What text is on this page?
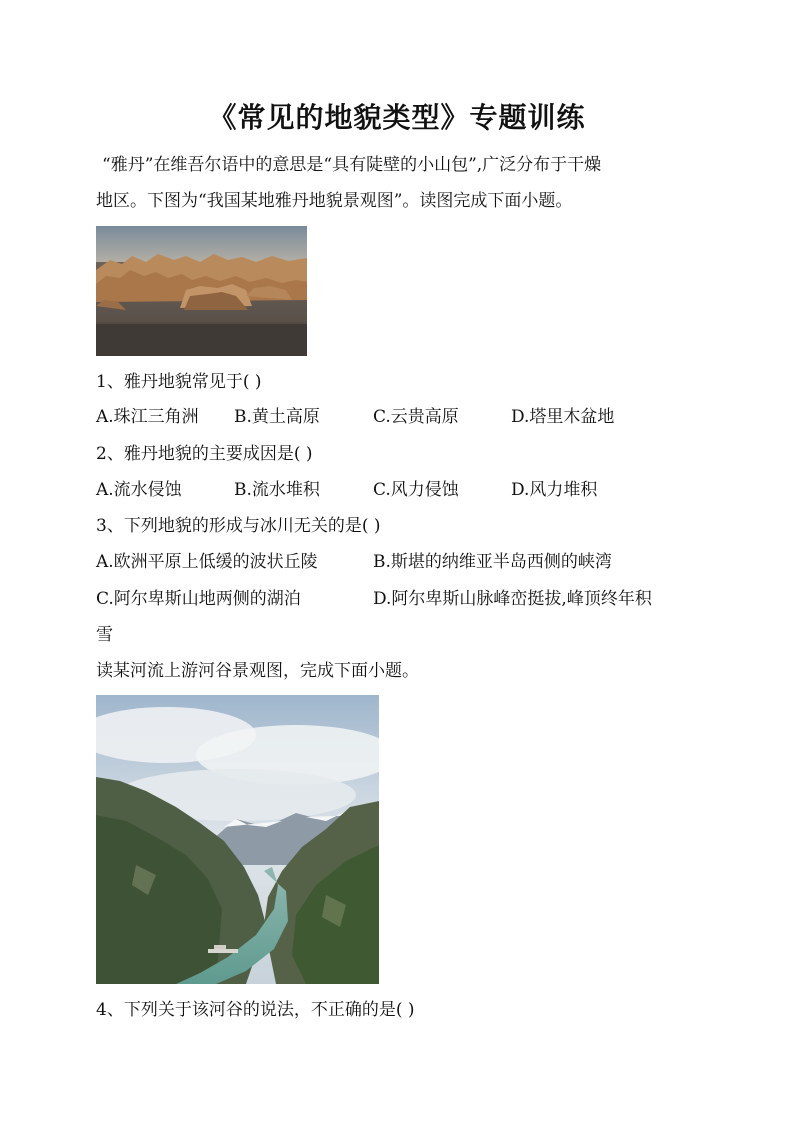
《常见的地貌类型》专题训练
“雅丹”在维吾尔语中的意思是“具有陡壁的小山包”,广泛分布于干燥
地区。下图为“我国某地雅丹地貌景观图”。读图完成下面小题。
1、雅丹地貌常见于( )
A.珠江三角洲 B.黄土高原	C.云贵高原	D.塔里木盆地
2、雅丹地貌的主要成因是( )
A.流水侵蚀	B.流水堆积	C.风力侵蚀	D.风力堆积
3、下列地貌的形成与冰川无关的是( )
A.欧洲平原上低缓的波状丘陵	B.斯堪的纳维亚半岛西侧的峡湾
C.阿尔卑斯山地两侧的湖泊	D.阿尔卑斯山脉峰峦挺拔,峰顶终年积
雪
读某河流上游河谷景观图，完成下面小题。
4、下列关于该河谷的说法，不正确的是( )
